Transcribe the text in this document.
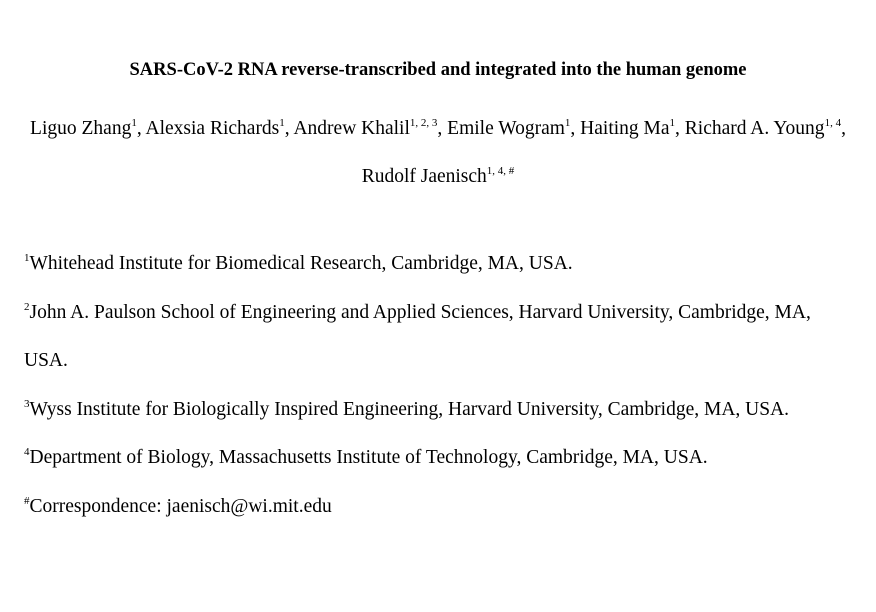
SARS-CoV-2 RNA reverse-transcribed and integrated into the human genome
Liguo Zhang$^1$, Alexsia Richards$^1$, Andrew Khalil$^{1, 2, 3}$, Emile Wogram$^1$, Haiting Ma$^1$, Richard A. Young$^{1, 4}$, Rudolf Jaenisch$^{1, 4, \#}$

$^1$Whitehead Institute for Biomedical Research, Cambridge, MA, USA.

$^2$John A. Paulson School of Engineering and Applied Sciences, Harvard University, Cambridge, MA, USA.

$^3$Wyss Institute for Biologically Inspired Engineering, Harvard University, Cambridge, MA, USA.

$^4$Department of Biology, Massachusetts Institute of Technology, Cambridge, MA, USA.

#Correspondence: jaenisch@wi.mit.edu
